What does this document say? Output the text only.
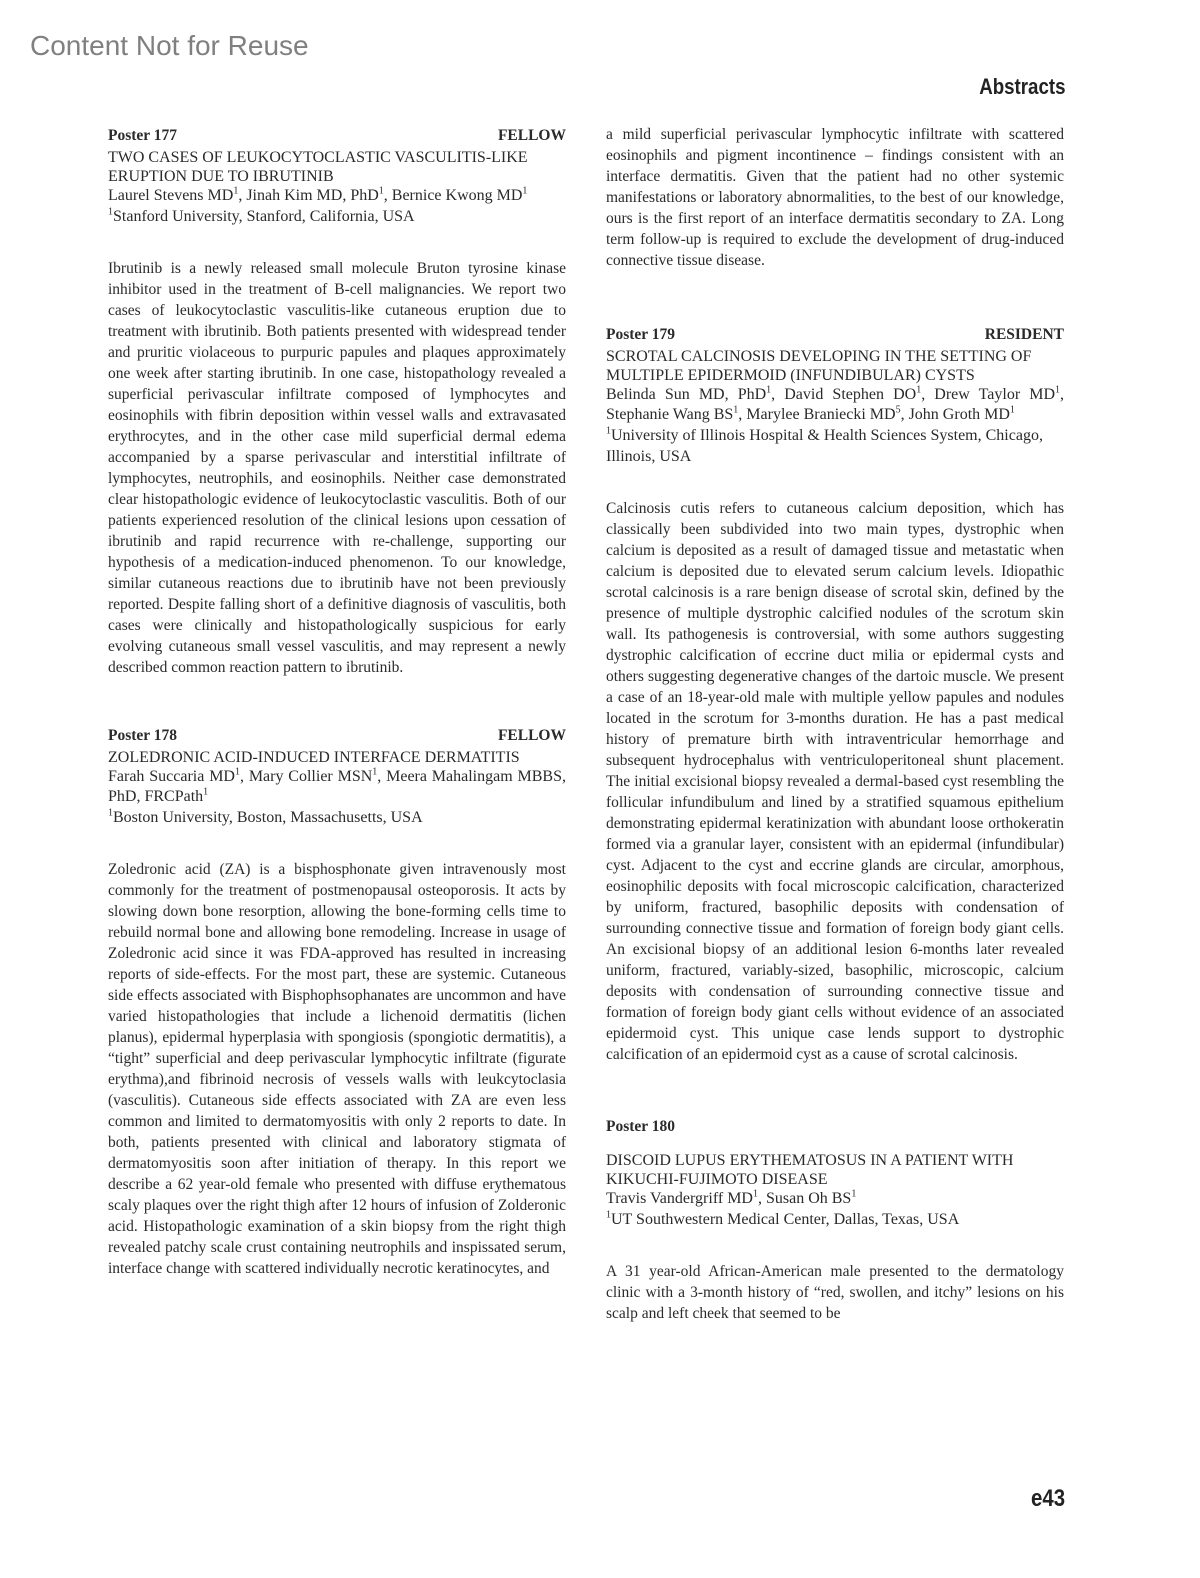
Content Not for Reuse
Abstracts
Poster 177	FELLOW
TWO CASES OF LEUKOCYTOCLASTIC VASCULITIS-LIKE ERUPTION DUE TO IBRUTINIB
Laurel Stevens $MD^1$, Jinah Kim MD, PhD$^1$, Bernice Kwong $MD^1$
$^1$Stanford University, Stanford, California, USA
Ibrutinib is a newly released small molecule Bruton tyrosine kinase inhibitor used in the treatment of B-cell malignancies. We report two cases of leukocytoclastic vasculitis-like cutaneous eruption due to treatment with ibrutinib. Both patients presented with widespread tender and pruritic violaceous to purpuric papules and plaques approximately one week after starting ibrutinib. In one case, histopathology revealed a superficial perivascular infiltrate composed of lymphocytes and eosinophils with fibrin deposition within vessel walls and extravasated erythrocytes, and in the other case mild superficial dermal edema accompanied by a sparse perivascular and interstitial infiltrate of lymphocytes, neutrophils, and eosinophils. Neither case demonstrated clear histopathologic evidence of leukocytoclastic vasculitis. Both of our patients experienced resolution of the clinical lesions upon cessation of ibrutinib and rapid recurrence with re-challenge, supporting our hypothesis of a medication-induced phenomenon. To our knowledge, similar cutaneous reactions due to ibrutinib have not been previously reported. Despite falling short of a definitive diagnosis of vasculitis, both cases were clinically and histopathologically suspicious for early evolving cutaneous small vessel vasculitis, and may represent a newly described common reaction pattern to ibrutinib.
Poster 178	FELLOW
ZOLEDRONIC ACID-INDUCED INTERFACE DERMATITIS
Farah Succaria $MD^1$, Mary Collier MSN$^1$, Meera Mahalingam MBBS, PhD, FRCPath$^1$
$^1$Boston University, Boston, Massachusetts, USA
Zoledronic acid (ZA) is a bisphosphonate given intravenously most commonly for the treatment of postmenopausal osteoporosis. It acts by slowing down bone resorption, allowing the bone-forming cells time to rebuild normal bone and allowing bone remodeling. Increase in usage of Zoledronic acid since it was FDA-approved has resulted in increasing reports of side-effects. For the most part, these are systemic. Cutaneous side effects associated with Bisphophsophanates are uncommon and have varied histopathologies that include a lichenoid dermatitis (lichen planus), epidermal hyperplasia with spongiosis (spongiotic dermatitis), a “tight” superficial and deep perivascular lymphocytic infiltrate (figurate erythma),and fibrinoid necrosis of vessels walls with leukcytoclasia (vasculitis). Cutaneous side effects associated with ZA are even less common and limited to dermatomyositis with only 2 reports to date. In both, patients presented with clinical and laboratory stigmata of dermatomyositis soon after initiation of therapy. In this report we describe a 62 year-old female who presented with diffuse erythematous scaly plaques over the right thigh after 12 hours of infusion of Zolderonic acid. Histopathologic examination of a skin biopsy from the right thigh revealed patchy scale crust containing neutrophils and inspissated serum, interface change with scattered individually necrotic keratinocytes, and
a mild superficial perivascular lymphocytic infiltrate with scattered eosinophils and pigment incontinence – findings consistent with an interface dermatitis. Given that the patient had no other systemic manifestations or laboratory abnormalities, to the best of our knowledge, ours is the first report of an interface dermatitis secondary to ZA. Long term follow-up is required to exclude the development of drug-induced connective tissue disease.
Poster 179	RESIDENT
SCROTAL CALCINOSIS DEVELOPING IN THE SETTING OF MULTIPLE EPIDERMOID (INFUNDIBULAR) CYSTS
Belinda Sun MD, PhD$^1$, David Stephen $DO^1$, Drew Taylor $MD^1$, Stephanie Wang $BS^1$, Marylee Braniecki $MD^5$, John Groth $MD^1$
$^1$University of Illinois Hospital & Health Sciences System, Chicago, Illinois, USA
Calcinosis cutis refers to cutaneous calcium deposition, which has classically been subdivided into two main types, dystrophic when calcium is deposited as a result of damaged tissue and metastatic when calcium is deposited due to elevated serum calcium levels. Idiopathic scrotal calcinosis is a rare benign disease of scrotal skin, defined by the presence of multiple dystrophic calcified nodules of the scrotum skin wall. Its pathogenesis is controversial, with some authors suggesting dystrophic calcification of eccrine duct milia or epidermal cysts and others suggesting degenerative changes of the dartoic muscle. We present a case of an 18-year-old male with multiple yellow papules and nodules located in the scrotum for 3-months duration. He has a past medical history of premature birth with intraventricular hemorrhage and subsequent hydrocephalus with ventriculoperitoneal shunt placement. The initial excisional biopsy revealed a dermal-based cyst resembling the follicular infundibulum and lined by a stratified squamous epithelium demonstrating epidermal keratinization with abundant loose orthokeratin formed via a granular layer, consistent with an epidermal (infundibular) cyst. Adjacent to the cyst and eccrine glands are circular, amorphous, eosinophilic deposits with focal microscopic calcification, characterized by uniform, fractured, basophilic deposits with condensation of surrounding connective tissue and formation of foreign body giant cells. An excisional biopsy of an additional lesion 6-months later revealed uniform, fractured, variably-sized, basophilic, microscopic, calcium deposits with condensation of surrounding connective tissue and formation of foreign body giant cells without evidence of an associated epidermoid cyst. This unique case lends support to dystrophic calcification of an epidermoid cyst as a cause of scrotal calcinosis.
Poster 180
DISCOID LUPUS ERYTHEMATOSUS IN A PATIENT WITH KIKUCHI-FUJIMOTO DISEASE
Travis Vandergriff $MD^1$, Susan Oh $BS^1$
$^1$UT Southwestern Medical Center, Dallas, Texas, USA
A 31 year-old African-American male presented to the dermatology clinic with a 3-month history of “red, swollen, and itchy” lesions on his scalp and left cheek that seemed to be
e43
